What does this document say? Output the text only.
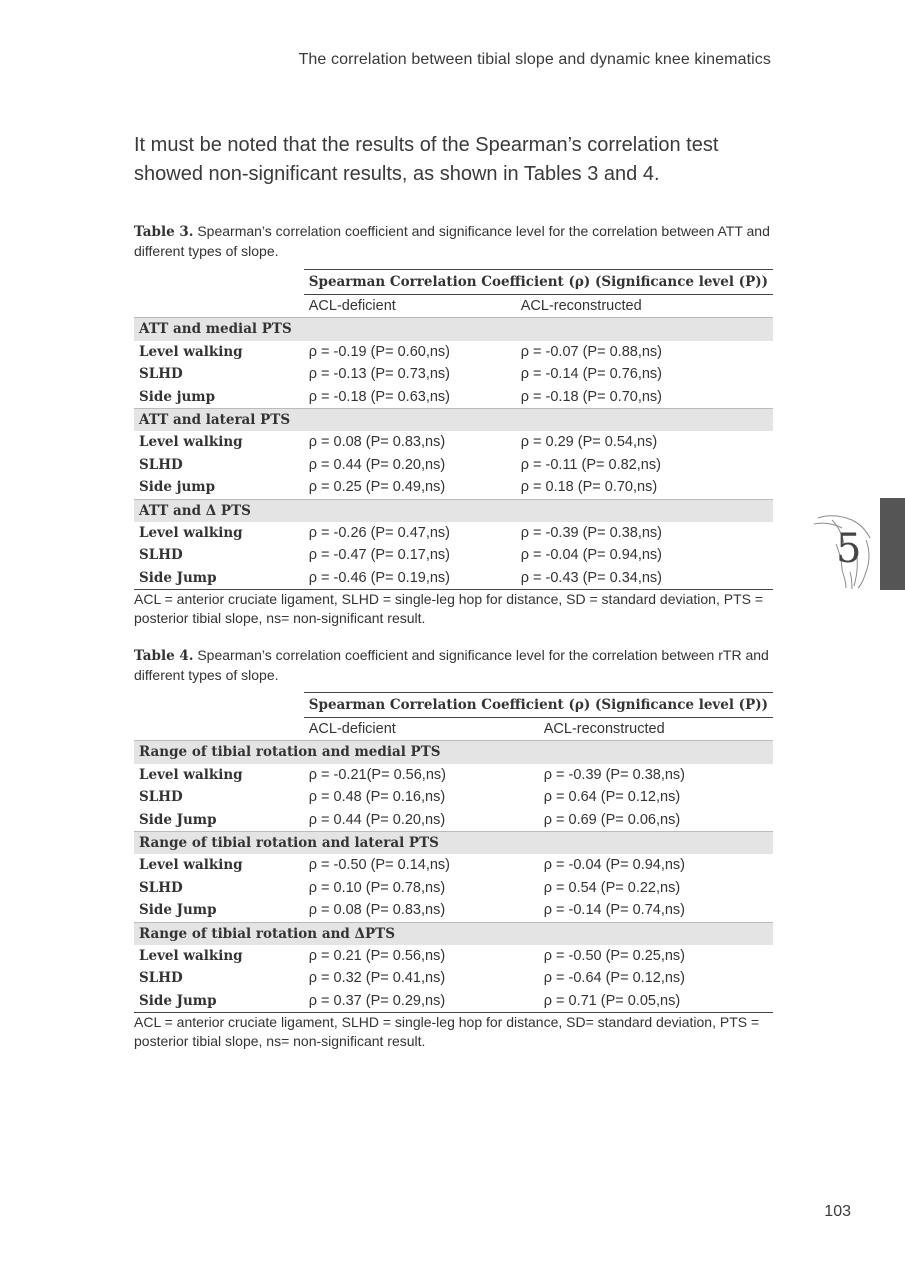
The correlation between tibial slope and dynamic knee kinematics

It must be noted that the results of the Spearman’s correlation test showed non-significant results, as shown in Tables 3 and 4.

Table 3. Spearman’s correlation coefficient and significance level for the correlation between ATT and different types of slope.
	Spearman Correlation Coefficient (ρ) (Significance level (P))	
	ACL-deficient	ACL-reconstructed
ATT and medial PTS		
Level walking	ρ = -0.19 (P= 0.60,ns)	ρ = -0.07 (P= 0.88,ns)
SLHD	ρ = -0.13 (P= 0.73,ns)	ρ = -0.14 (P= 0.76,ns)
Side jump	ρ = -0.18 (P= 0.63,ns)	ρ = -0.18 (P= 0.70,ns)
ATT and lateral PTS		
Level walking	ρ = 0.08 (P= 0.83,ns)	ρ = 0.29 (P= 0.54,ns)
SLHD	ρ = 0.44 (P= 0.20,ns)	ρ = -0.11 (P= 0.82,ns)
Side jump	ρ = 0.25 (P= 0.49,ns)	ρ = 0.18 (P= 0.70,ns)
ATT and Δ PTS		
Level walking	ρ = -0.26 (P= 0.47,ns)	ρ = -0.39 (P= 0.38,ns)
SLHD	ρ = -0.47 (P= 0.17,ns)	ρ = -0.04 (P= 0.94,ns)
Side Jump	ρ = -0.46 (P= 0.19,ns)	ρ = -0.43 (P= 0.34,ns)
ACL = anterior cruciate ligament, SLHD = single-leg hop for distance, SD = standard deviation, PTS = posterior tibial slope, ns= non-significant result.
Table 4. Spearman’s correlation coefficient and significance level for the correlation between rTR and different types of slope.
	Spearman Correlation Coefficient (ρ) (Significance level (P))	
	ACL-deficient	ACL-reconstructed
Range of tibial rotation and medial PTS		
Level walking	ρ = -0.21(P= 0.56,ns)	ρ = -0.39 (P= 0.38,ns)
SLHD	ρ = 0.48 (P= 0.16,ns)	ρ = 0.64 (P= 0.12,ns)
Side Jump	ρ = 0.44 (P= 0.20,ns)	ρ = 0.69 (P= 0.06,ns)
Range of tibial rotation and lateral PTS		
Level walking	ρ = -0.50 (P= 0.14,ns)	ρ = -0.04 (P= 0.94,ns)
SLHD	ρ = 0.10 (P= 0.78,ns)	ρ = 0.54 (P= 0.22,ns)
Side Jump	ρ = 0.08 (P= 0.83,ns)	ρ = -0.14 (P= 0.74,ns)
Range of tibial rotation and ΔPTS		
Level walking	ρ = 0.21 (P= 0.56,ns)	ρ = -0.50 (P= 0.25,ns)
SLHD	ρ = 0.32 (P= 0.41,ns)	ρ = -0.64 (P= 0.12,ns)
Side Jump	ρ = 0.37 (P= 0.29,ns)	ρ = 0.71 (P= 0.05,ns)
ACL = anterior cruciate ligament, SLHD = single-leg hop for distance, SD= standard deviation, PTS = posterior tibial slope, ns= non-significant result.
5
103
